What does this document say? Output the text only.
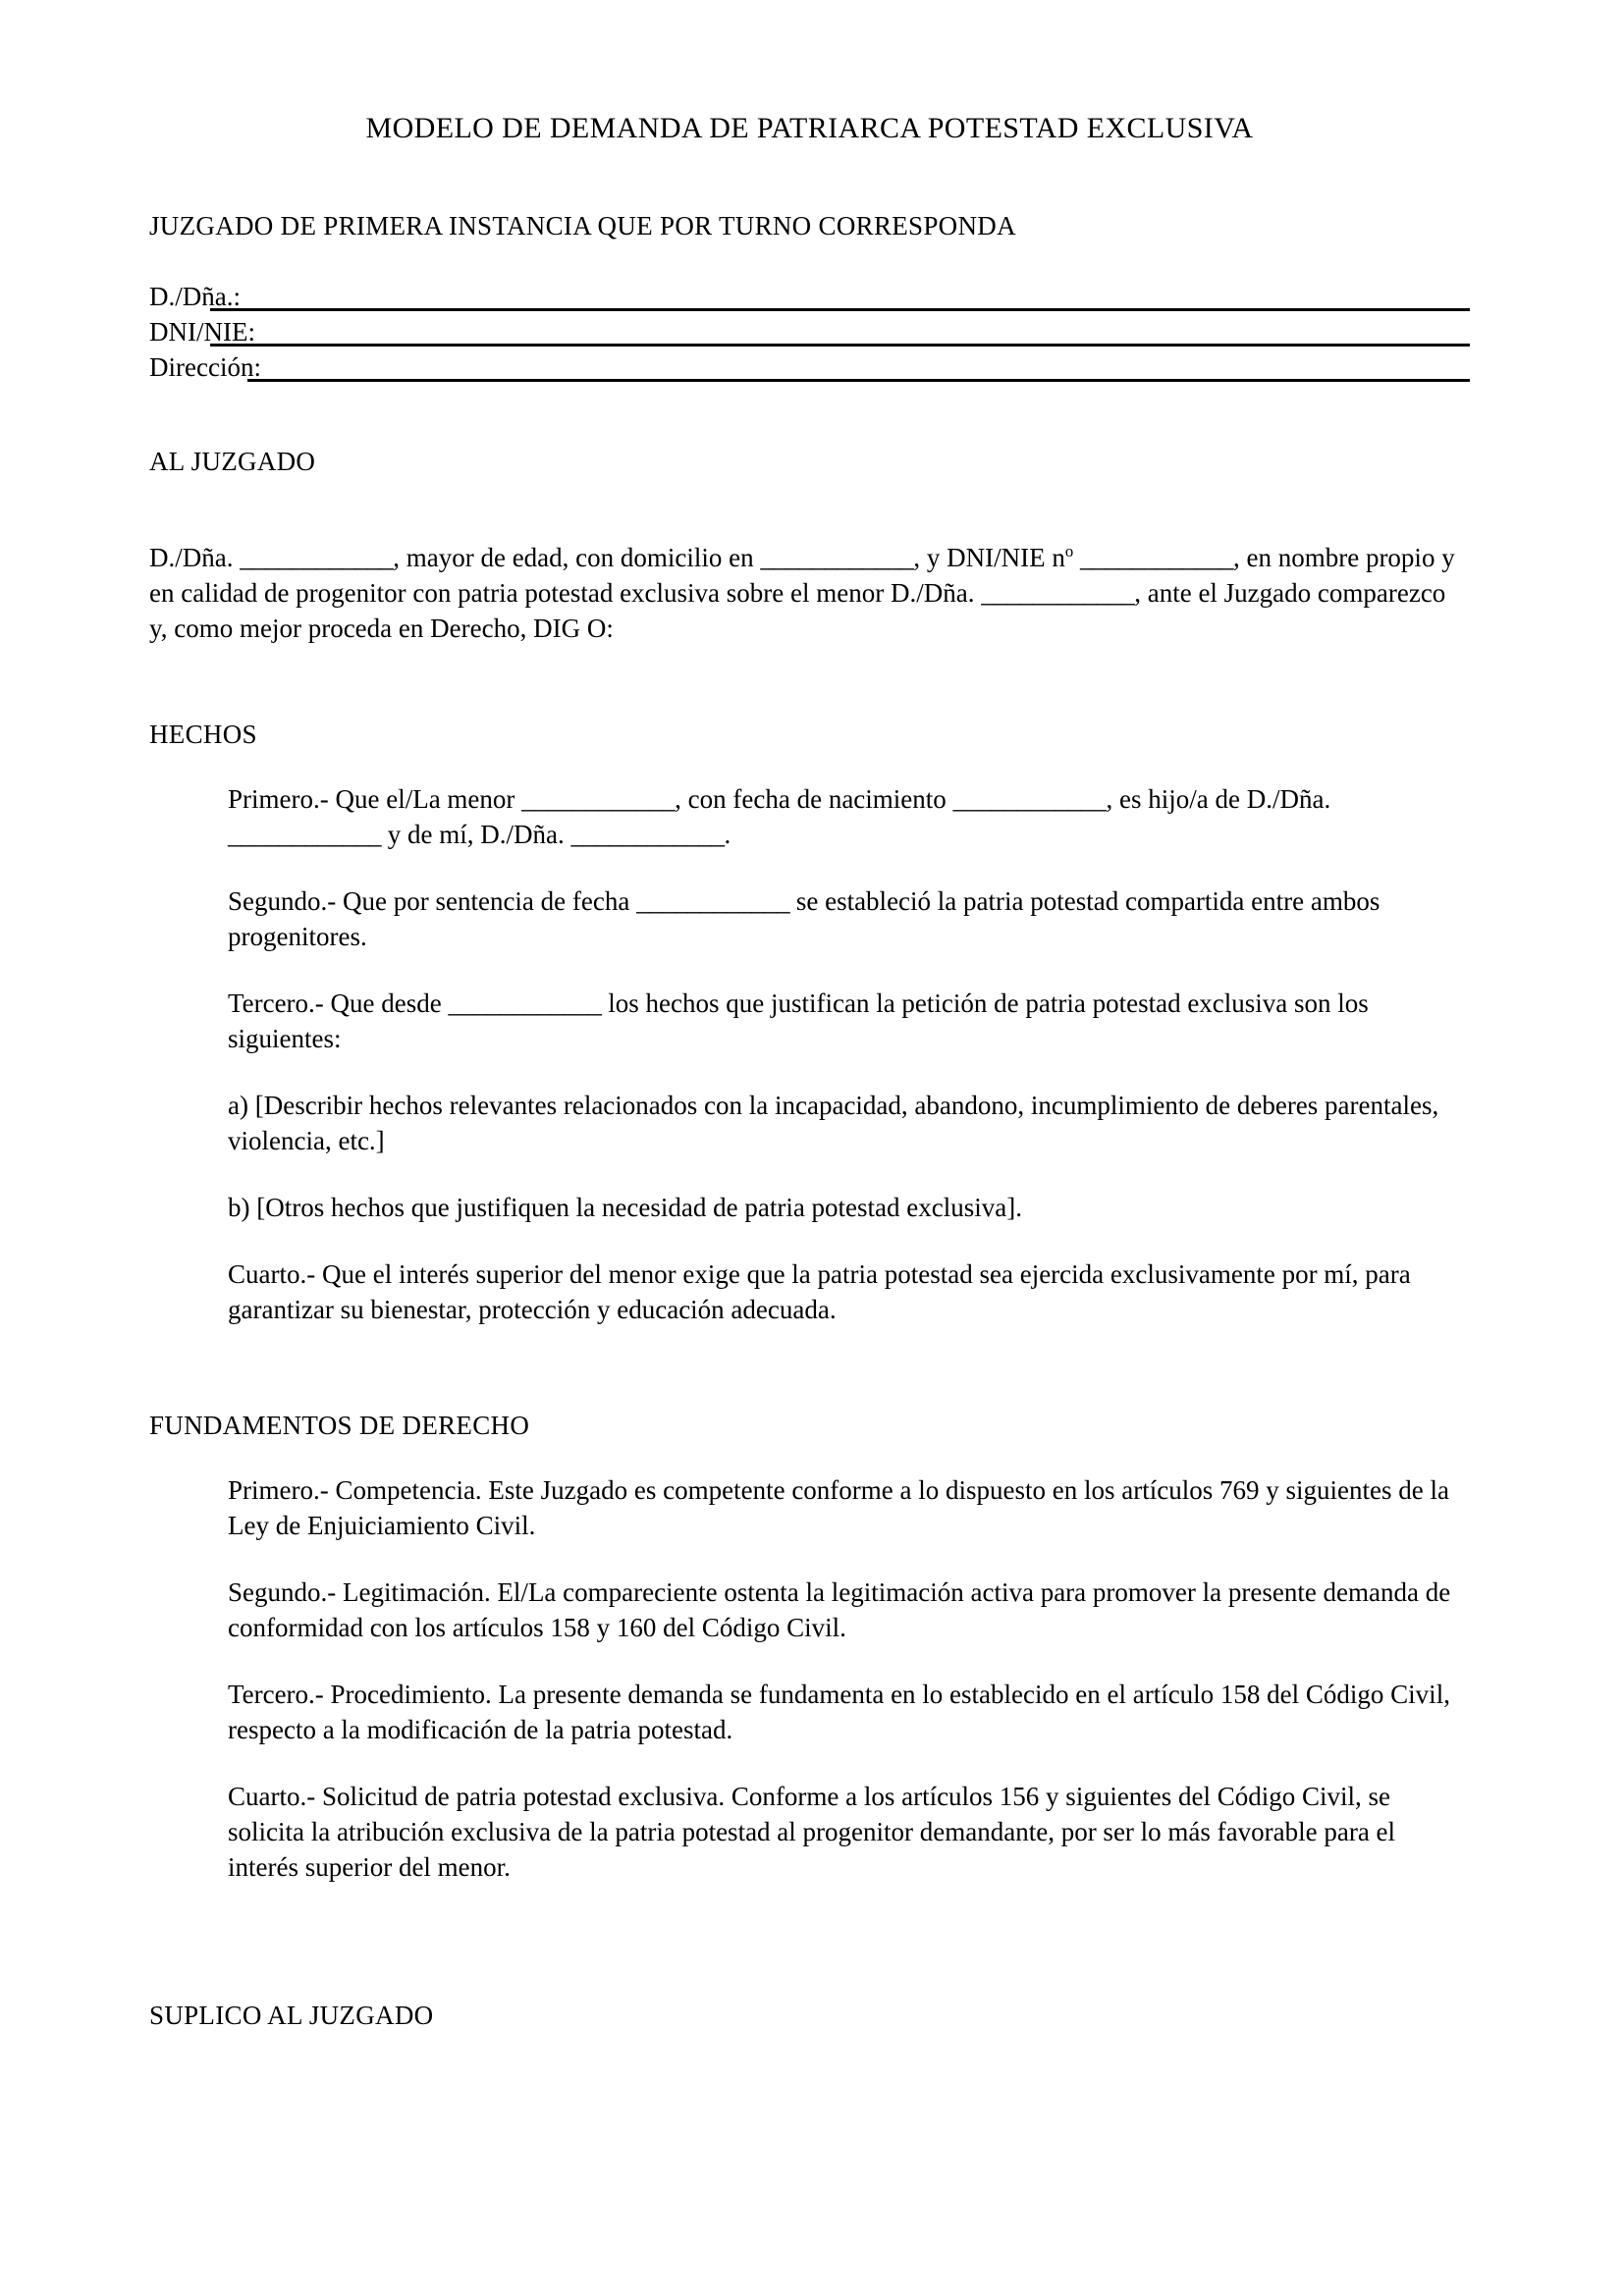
MODELO DE DEMANDA DE PATRIARCA POTESTAD EXCLUSIVA
JUZGADO DE PRIMERA INSTANCIA QUE POR TURNO CORRESPONDA
D./Dña.:
DNI/NIE:
Dirección:
AL JUZGADO

D./Dña. ____________, mayor de edad, con domicilio en ____________, y DNI/NIE $n^o$ ____________, en nombre propio y en calidad de progenitor con patria potestad exclusiva sobre el menor D./Dña. ____________, ante el Juzgado comparezco y, como mejor proceda en Derecho, DIG O:

HECHOS

Primero.- Que el/La menor ____________, con fecha de nacimiento ____________, es hijo/a de D./Dña. ____________ y de mí, D./Dña. ____________.

Segundo.- Que por sentencia de fecha ____________ se estableció la patria potestad compartida entre ambos progenitores.

Tercero.- Que desde ____________ los hechos que justifican la petición de patria potestad exclusiva son los siguientes:

a) [Describir hechos relevantes relacionados con la incapacidad, abandono, incumplimiento de deberes parentales, violencia, etc.]

b) [Otros hechos que justifiquen la necesidad de patria potestad exclusiva].

Cuarto.- Que el interés superior del menor exige que la patria potestad sea ejercida exclusivamente por mí, para garantizar su bienestar, protección y educación adecuada.

FUNDAMENTOS DE DERECHO

Primero.- Competencia. Este Juzgado es competente conforme a lo dispuesto en los artículos 769 y siguientes de la Ley de Enjuiciamiento Civil.

Segundo.- Legitimación. El/La compareciente ostenta la legitimación activa para promover la presente demanda de conformidad con los artículos 158 y 160 del Código Civil.

Tercero.- Procedimiento. La presente demanda se fundamenta en lo establecido en el artículo 158 del Código Civil, respecto a la modificación de la patria potestad.

Cuarto.- Solicitud de patria potestad exclusiva. Conforme a los artículos 156 y siguientes del Código Civil, se solicita la atribución exclusiva de la patria potestad al progenitor demandante, por ser lo más favorable para el interés superior del menor.

SUPLICO AL JUZGADO
